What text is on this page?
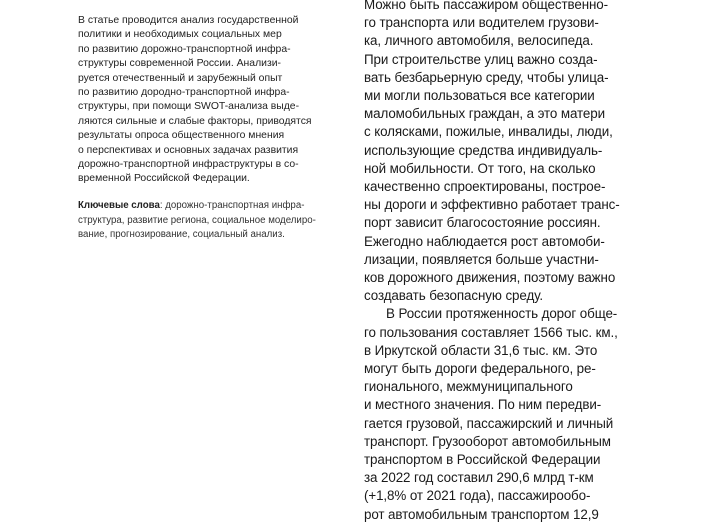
В статье проводится анализ государственной
политики и необходимых социальных мер
по развитию дорожно-транспортной инфра-
структуры современной России. Анализи-
руется отечественный и зарубежный опыт
по развитию дородно-транспортной инфра-
структуры, при помощи SWOT-анализа выде-
ляются сильные и слабые факторы, приводятся
результаты опроса общественного мнения
о перспективах и основных задачах развития
дорожно-транспортной инфраструктуры в со-
временной Российской Федерации.

Ключевые слова: дорожно-транспортная инфра-
структура, развитие региона, социальное моделиро-
вание, прогнозирование, социальный анализ.

Можно быть пассажиром общественно-
го транспорта или водителем грузови-
ка, личного автомобиля, велосипеда.
При строительстве улиц важно созда-
вать безбарьерную среду, чтобы улица-
ми могли пользоваться все категории
маломобильных граждан, а это матери
с колясками, пожилые, инвалиды, люди,
использующие средства индивидуаль-
ной мобильности. От того, на сколько
качественно спроектированы, построе-
ны дороги и эффективно работает транс-
порт зависит благосостояние россиян.
Ежегодно наблюдается рост автомоби-
лизации, появляется больше участни-
ков дорожного движения, поэтому важно
создавать безопасную среду.
В России протяженность дорог обще-
го пользования составляет 1566 тыс. км.,
в Иркутской области 31,6 тыс. км. Это
могут быть дороги федерального, ре-
гионального, межмуниципального
и местного значения. По ним передви-
гается грузовой, пассажирский и личный
транспорт. Грузооборот автомобильным
транспортом в Российской Федерации
за 2022 год составил 290,6 млрд т-км
(+1,8% от 2021 года), пассажирообо-
рот автомобильным транспортом 12,9
